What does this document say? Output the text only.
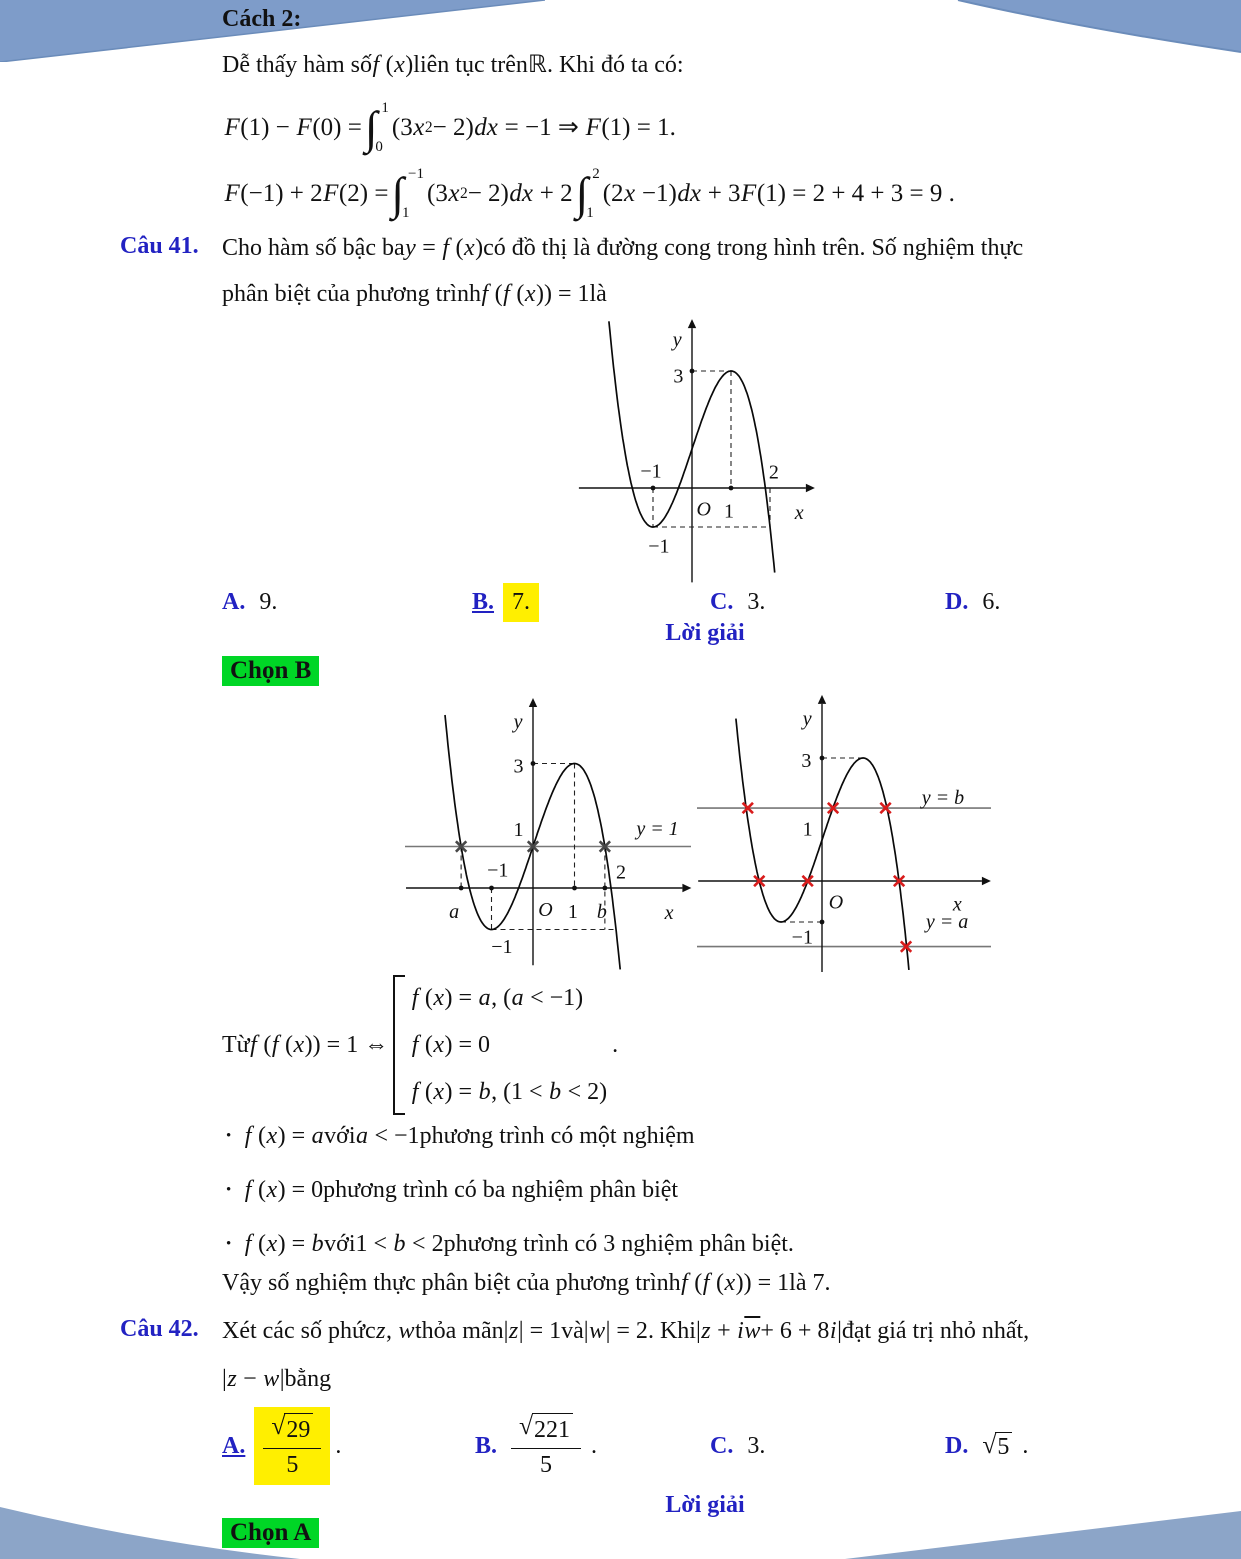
Cách 2:
Dễ thấy hàm số f (x) liên tục trên ℝ . Khi đó ta có:
F(1) − F(0) = ∫ 1
0
(3x 2 − 2)dx = −1 ⇒ F(1) = 1.
F(−1) + 2F(2) = ∫ −1
1
(3x 2 − 2)dx + 2 ∫ 2
1
(2x −1)dx + 3F(1) = 2 + 4 + 3 = 9 .
Câu 41. Cho hàm số bậc ba y = f (x) có đồ thị là đường cong trong hình trên. Số nghiệm thực
phân biệt của phương trình f (f (x)) = 1 là
y
3
−1	2
O 1	x
−1
A. 9.	B. 7.	C. 3.	D. 6.
Lời giải
Chọn B
y
3
1
−1	2
O 1 b
a	x
−1
y = 1
y
3
1
O	x
−1
y = b
y = a
Từ f (f (x)) = 1 ⇔
f (x) = a, (a < −1)
f (x) = 0
f (x) = b, (1 < b < 2)
.
• f (x) = a với a < −1 phương trình có một nghiệm
• f (x) = 0 phương trình có ba nghiệm phân biệt
• f (x) = b với 1 < b < 2 phương trình có 3 nghiệm phân biệt.
Vậy số nghiệm thực phân biệt của phương trình f (f (x)) = 1 là 7.
Câu 42. Xét các số phức z, w thỏa mãn |z| = 1 và |w| = 2 . Khi |z + i $\overline{w} + 6 + 8i|$ đạt giá trị nhỏ nhất,
|z − w| bằng
A. $\frac{√ 29}{5}$ .	B. $\frac{√ 221}{5}$ .	C. 3.	D. √ 5 .
Lời giải
Chọn A
